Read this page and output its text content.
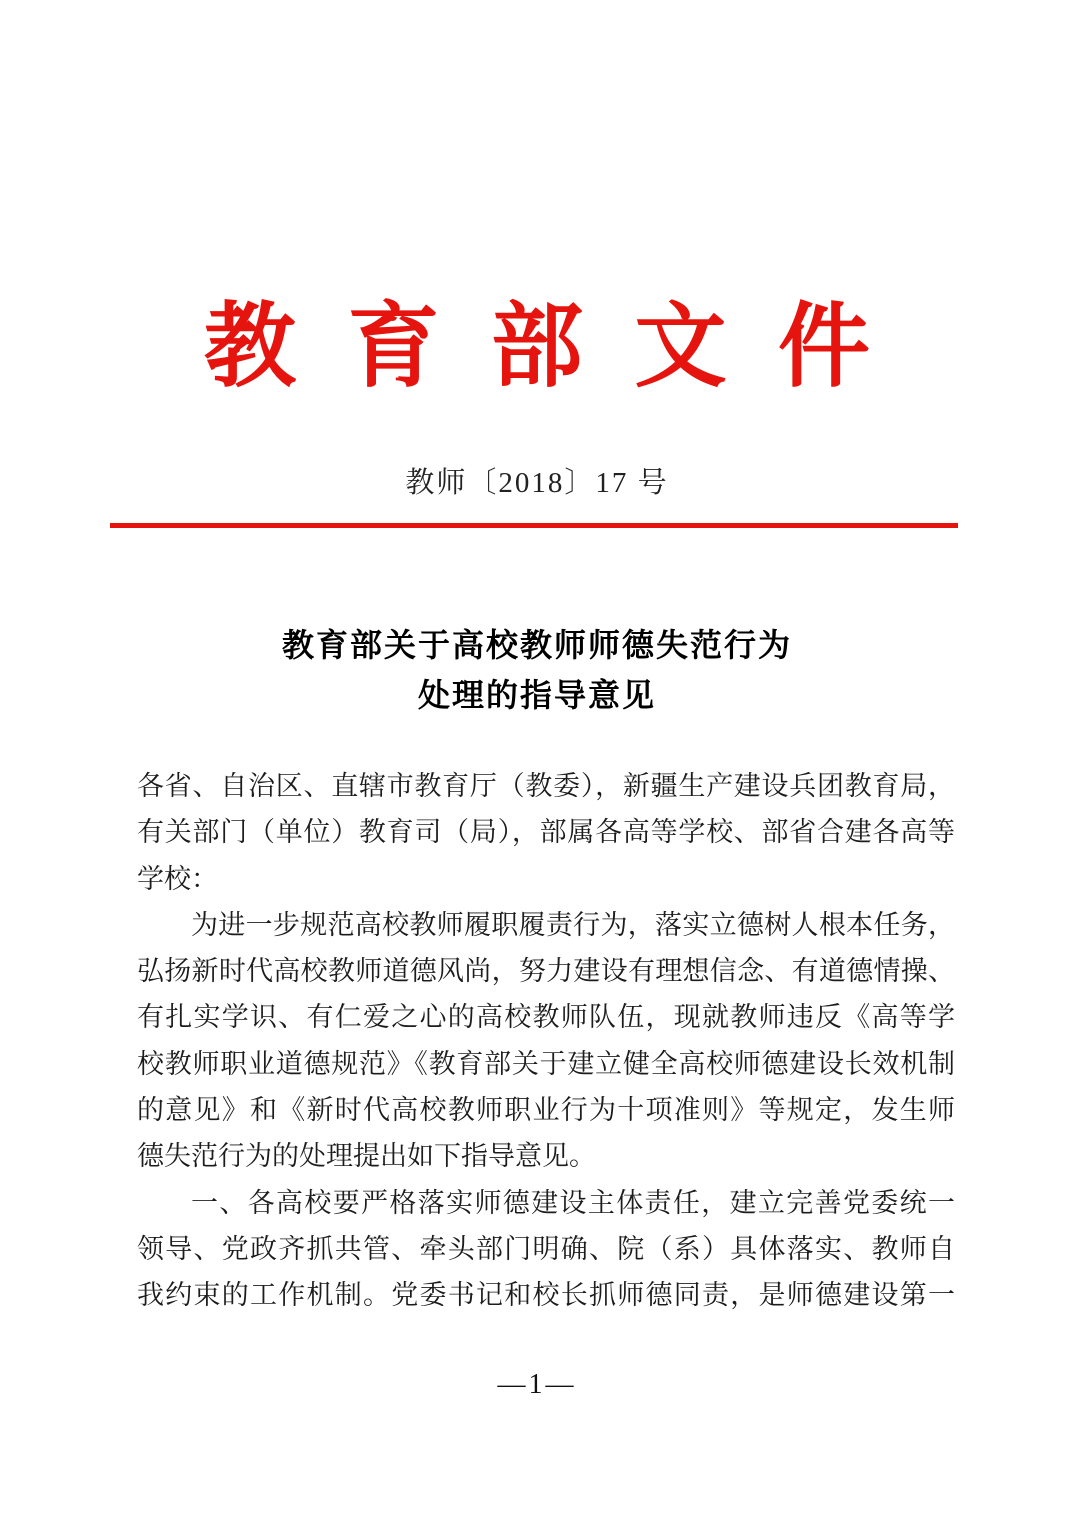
教育部文件
教师〔2018〕17 号
教育部关于高校教师师德失范行为
处理的指导意见
各省、自治区、直辖市教育厅（教委），新疆生产建设兵团教育局，
有关部门（单位）教育司（局），部属各高等学校、部省合建各高等
学校：
为进一步规范高校教师履职履责行为，落实立德树人根本任务，
弘扬新时代高校教师道德风尚，努力建设有理想信念、有道德情操、
有扎实学识、有仁爱之心的高校教师队伍，现就教师违反《高等学
校教师职业道德规范》《教育部关于建立健全高校师德建设长效机制
的意见》和《新时代高校教师职业行为十项准则》等规定，发生师
德失范行为的处理提出如下指导意见。
一、各高校要严格落实师德建设主体责任，建立完善党委统一
领导、党政齐抓共管、牵头部门明确、院（系）具体落实、教师自
我约束的工作机制。党委书记和校长抓师德同责，是师德建设第一
—1—
